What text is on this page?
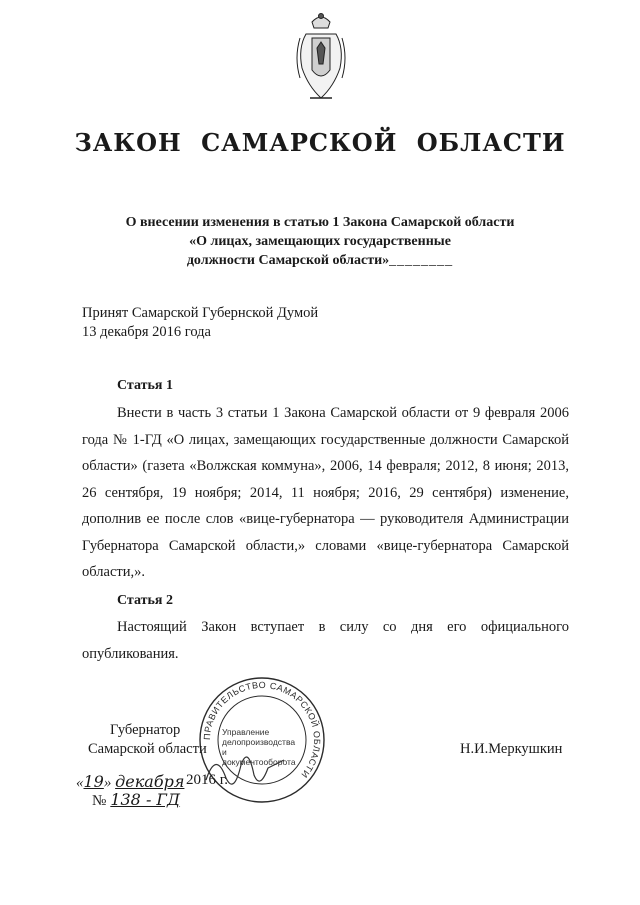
ЗАКОН САМАРСКОЙ ОБЛАСТИ
О внесении изменения в статью 1 Закона Самарской области
«О лицах, замещающих государственные
должности Самарской области»________
Принят Самарской Губернской Думой
13 декабря 2016 года
Статья 1
Внести в часть 3 статьи 1 Закона Самарской области от 9 февраля 2006 года № 1-ГД «О лицах, замещающих государственные должности Самарской области» (газета «Волжская коммуна», 2006, 14 февраля; 2012, 8 июня; 2013, 26 сентября, 19 ноября; 2014, 11 ноября; 2016, 29 сентября) изменение, дополнив ее после слов «вице-губернатора — руководителя Администрации Губернатора Самарской области,» словами «вице-губернатора Самарской области,».
Статья 2
Настоящий Закон вступает в силу со дня его официального опубликования.
ПРАВИТЕЛЬСТВО САМАРСКОЙ ОБЛАСТИ
Управление
делопроизводства
и документооборота
Губернатор
Самарской области	Н.И.Меркушкин
«19» декабря 2016 г.
№ 138 - ГД
